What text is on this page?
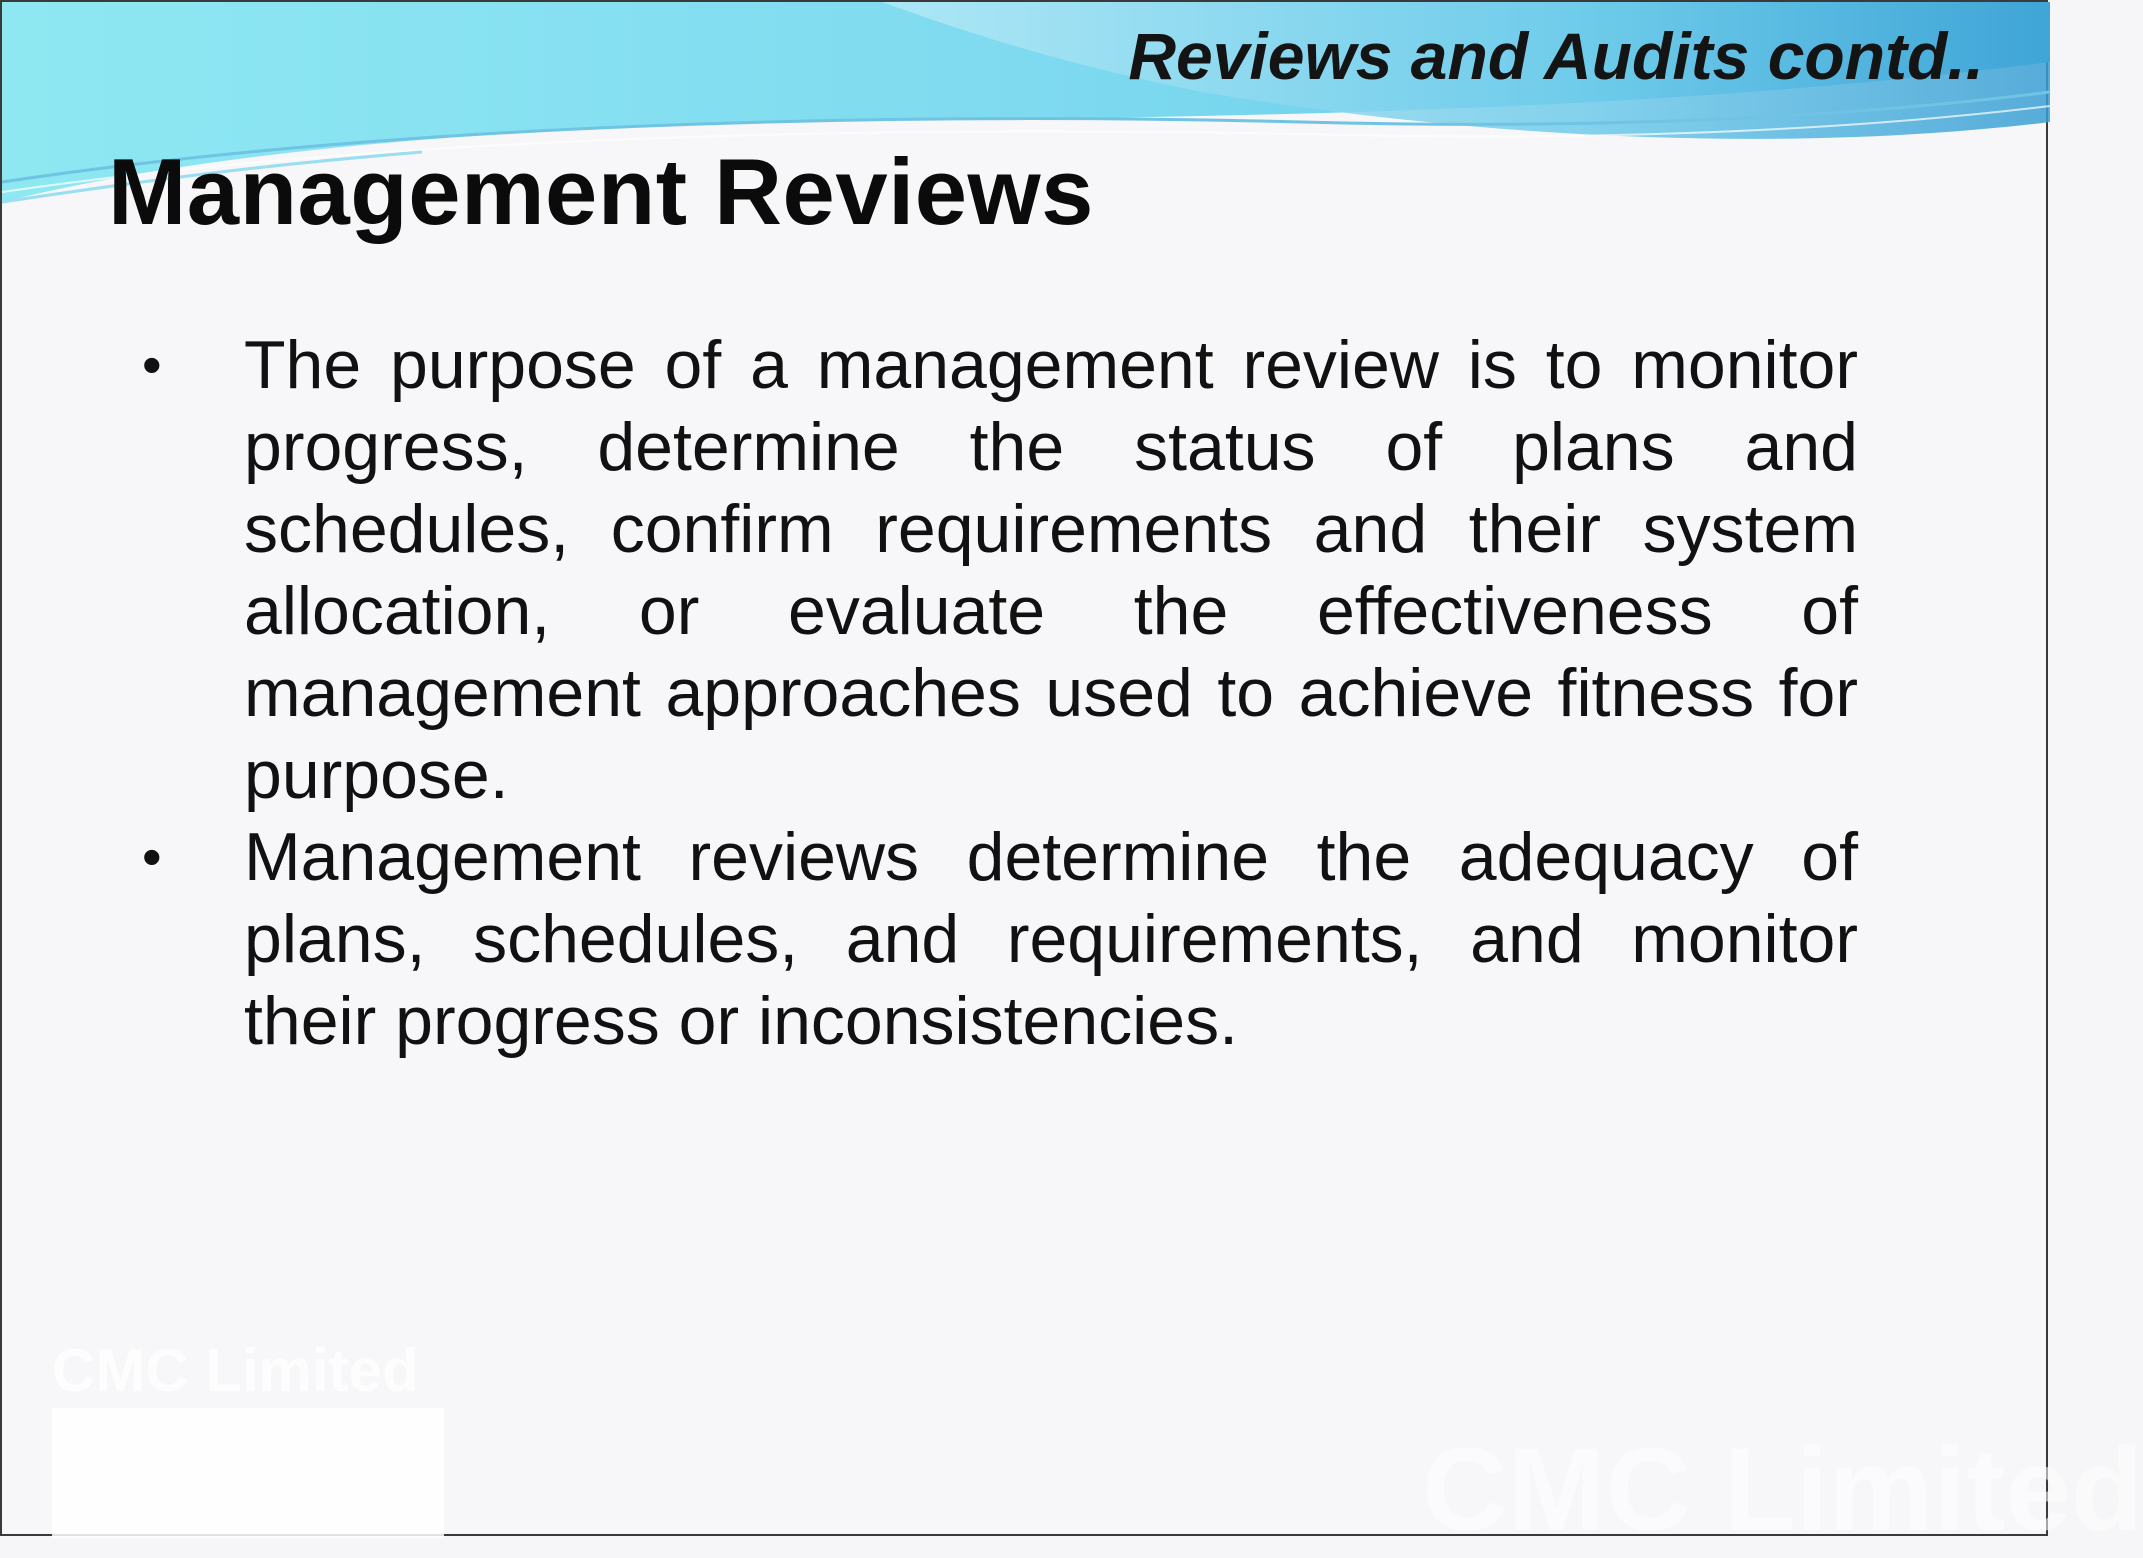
Reviews and Audits contd..
Management Reviews
• The purpose of a management review is to monitor progress, determine the status of plans and schedules, confirm requirements and their system allocation, or evaluate the effectiveness of management approaches used to achieve fitness for purpose.
• Management reviews determine the adequacy of plans, schedules, and requirements, and monitor their progress or inconsistencies.
CMC Limited
CMC Limited
